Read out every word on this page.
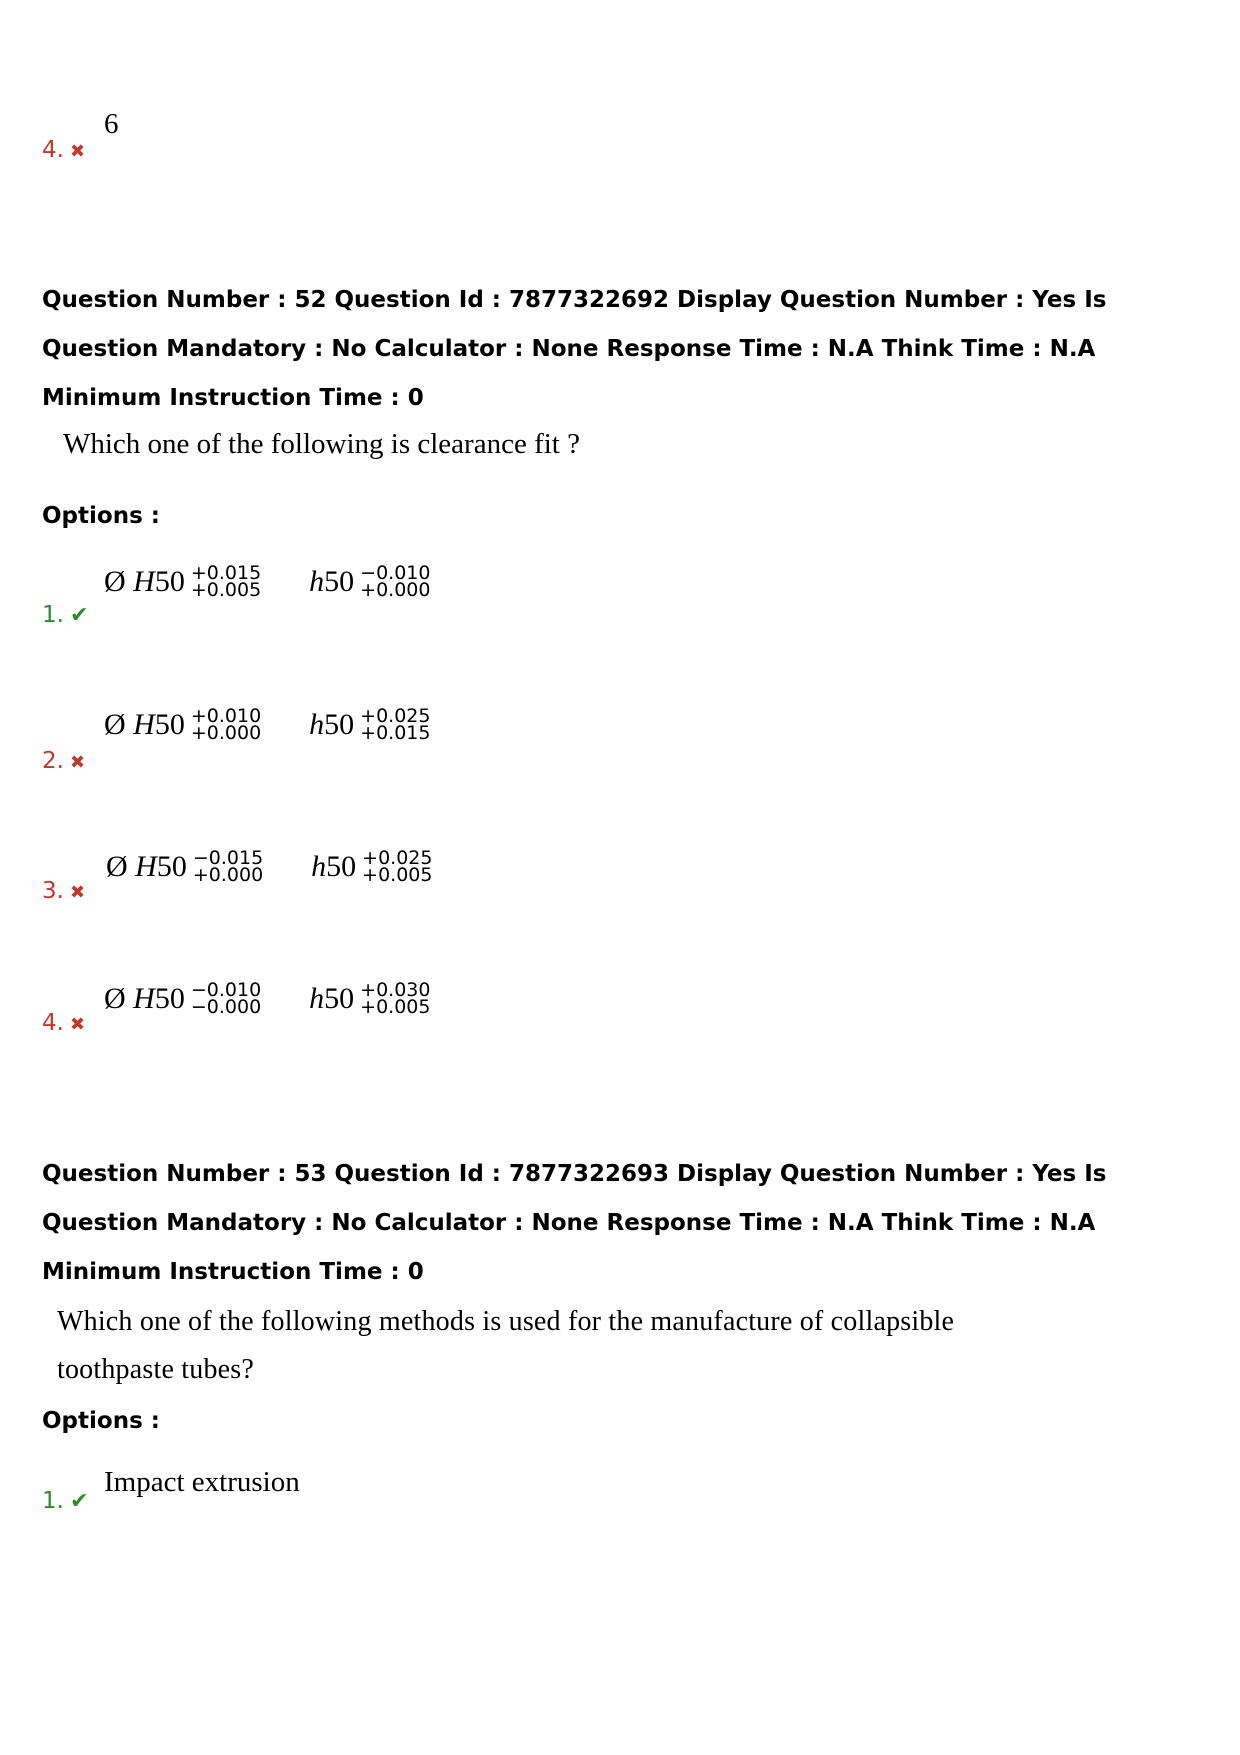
6
4. ✖
Question Number : 52 Question Id : 7877322692 Display Question Number : Yes Is Question Mandatory : No Calculator : None Response Time : N.A Think Time : N.A Minimum Instruction Time : 0
Which one of the following is clearance fit ?
Options :
Ø
H 50 +0.015
+0.005 h 50 −0.010
+0.000
1. ✔
Ø
H 50 +0.010
+0.000 h 50 +0.025
+0.015
2. ✖
Ø
H 50 −0.015
+0.000 h 50 +0.025
+0.005
3. ✖
Ø
H 50 −0.010
−0.000 h 50 +0.030
+0.005
4. ✖
Question Number : 53 Question Id : 7877322693 Display Question Number : Yes Is Question Mandatory : No Calculator : None Response Time : N.A Think Time : N.A Minimum Instruction Time : 0
Which one of the following methods is used for the manufacture of collapsible
toothpaste tubes?
Options :
Impact extrusion
1. ✔
